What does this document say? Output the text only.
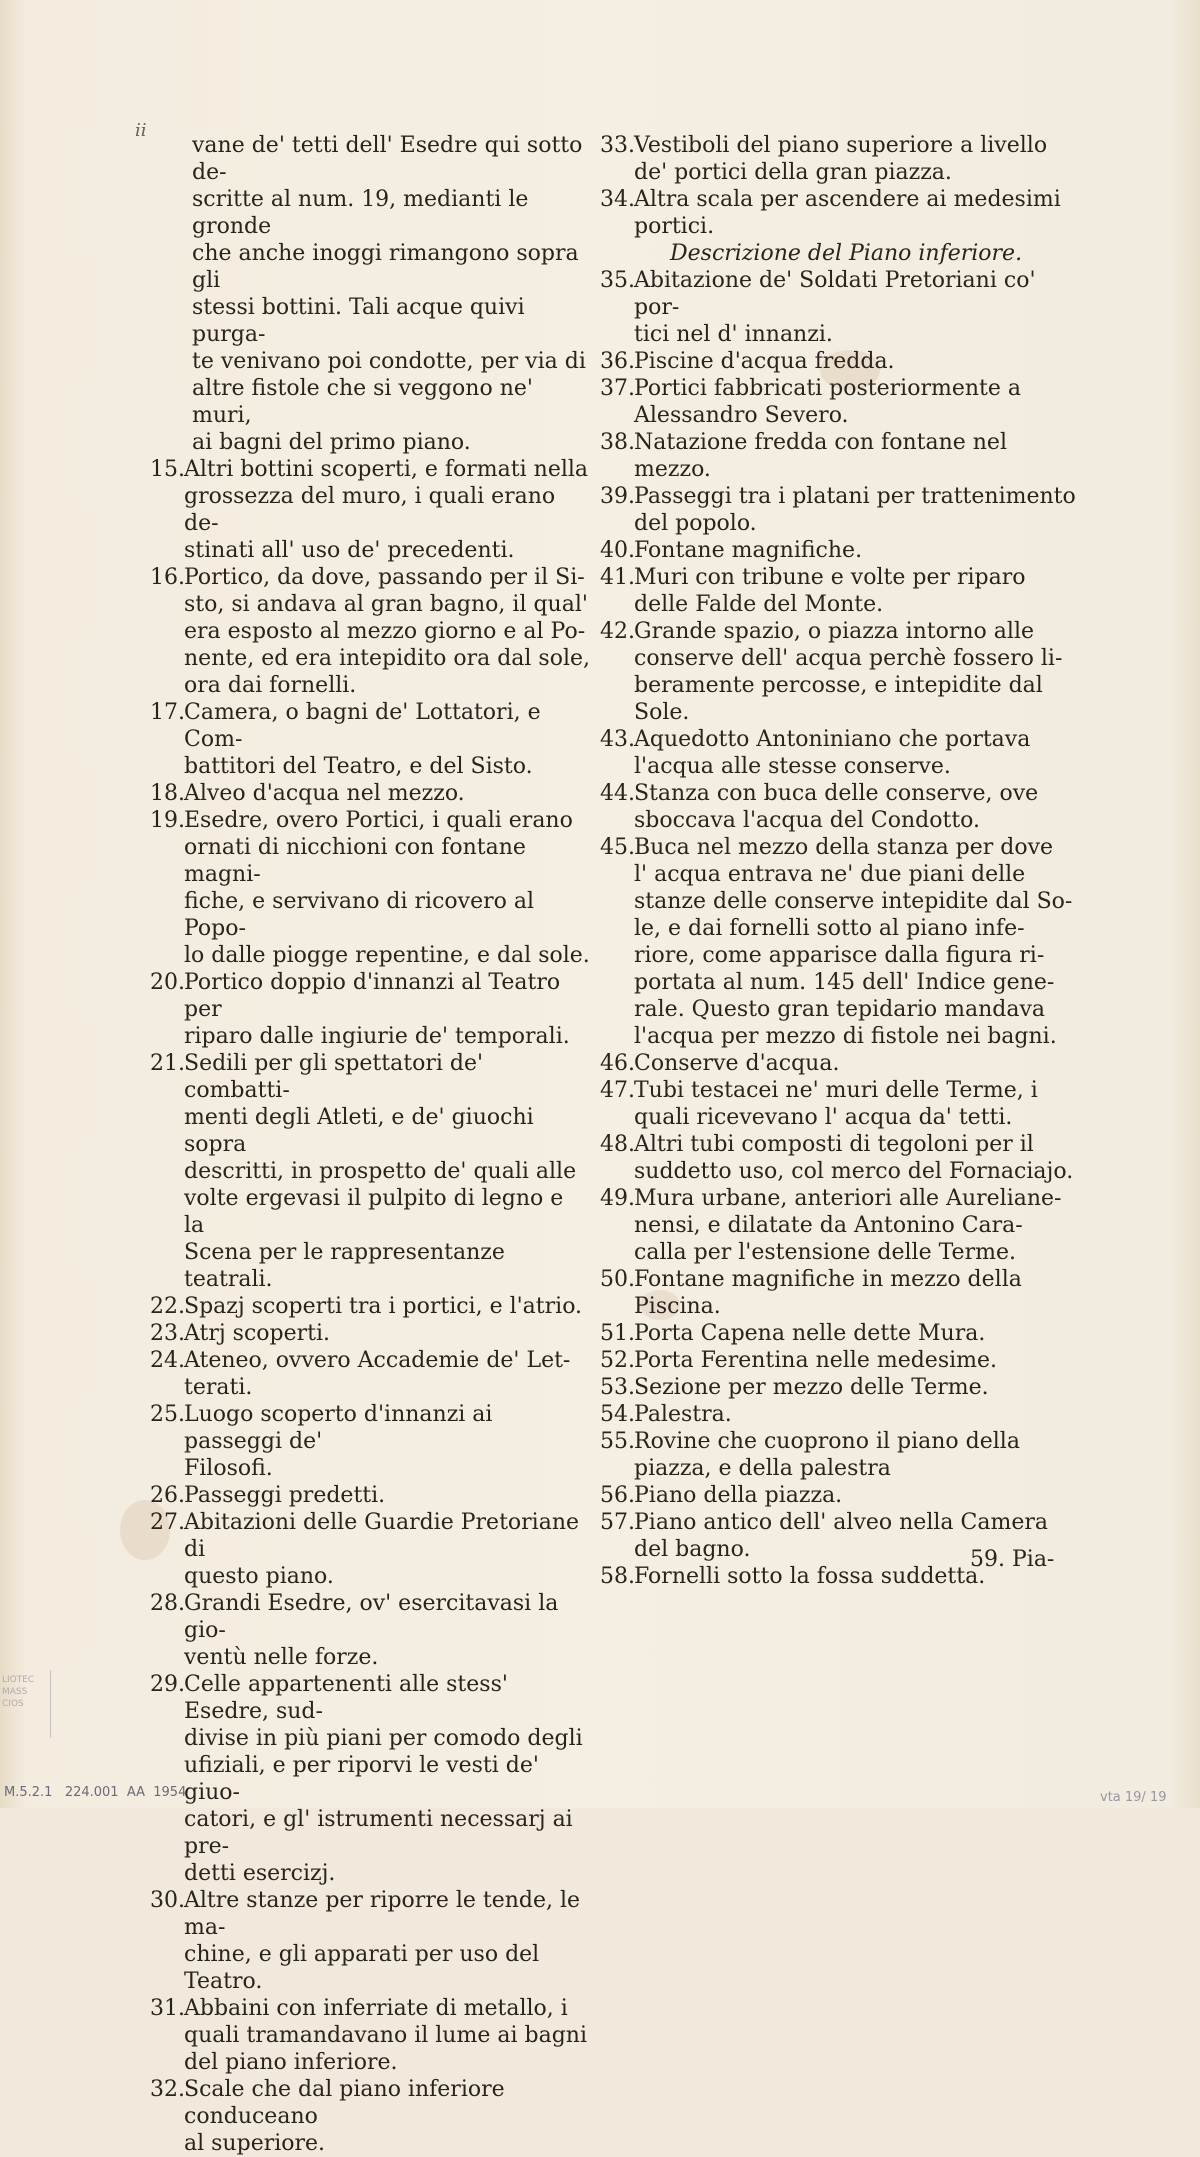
ii
vane de' tetti dell' Esedre qui sotto de-
scritte al num. 19, medianti le gronde
che anche inoggi rimangono sopra gli
stessi bottini. Tali acque quivi purga-
te venivano poi condotte, per via di
altre fistole che si veggono ne' muri,
ai bagni del primo piano.
15. Altri bottini scoperti, e formati nella
grossezza del muro, i quali erano de-
stinati all' uso de' precedenti.
16. Portico, da dove, passando per il Si-
sto, si andava al gran bagno, il qual'
era esposto al mezzo giorno e al Po-
nente, ed era intepidito ora dal sole,
ora dai fornelli.
17. Camera, o bagni de' Lottatori, e Com-
battitori del Teatro, e del Sisto.
18. Alveo d'acqua nel mezzo.
19. Esedre, overo Portici, i quali erano
ornati di nicchioni con fontane magni-
fiche, e servivano di ricovero al Popo-
lo dalle piogge repentine, e dal sole.
20. Portico doppio d'innanzi al Teatro per
riparo dalle ingiurie de' temporali.
21. Sedili per gli spettatori de' combatti-
menti degli Atleti, e de' giuochi sopra
descritti, in prospetto de' quali alle
volte ergevasi il pulpito di legno e la
Scena per le rappresentanze teatrali.
22. Spazj scoperti tra i portici, e l'atrio.
23. Atrj scoperti.
24. Ateneo, ovvero Accademie de' Let-
terati.
25. Luogo scoperto d'innanzi ai passeggi de'
Filosofi.
26. Passeggi predetti.
27. Abitazioni delle Guardie Pretoriane di
questo piano.
28. Grandi Esedre, ov' esercitavasi la gio-
ventù nelle forze.
29. Celle appartenenti alle stess' Esedre, sud-
divise in più piani per comodo degli
ufiziali, e per riporvi le vesti de' giuo-
catori, e gl' istrumenti necessarj ai pre-
detti esercizj.
30. Altre stanze per riporre le tende, le ma-
chine, e gli apparati per uso del Teatro.
31. Abbaini con inferriate di metallo, i
quali tramandavano il lume ai bagni
del piano inferiore.
32. Scale che dal piano inferiore conduceano
al superiore.
33. Vestiboli del piano superiore a livello
de' portici della gran piazza.
34. Altra scala per ascendere ai medesimi
portici.
Descrizione del Piano inferiore.
35. Abitazione de' Soldati Pretoriani co' por-
tici nel d' innanzi.
36. Piscine d'acqua fredda.
37. Portici fabbricati posteriormente a
Alessandro Severo.
38. Natazione fredda con fontane nel mezzo.
39. Passeggi tra i platani per trattenimento
del popolo.
40. Fontane magnifiche.
41. Muri con tribune e volte per riparo
delle Falde del Monte.
42. Grande spazio, o piazza intorno alle
conserve dell' acqua perchè fossero li-
beramente percosse, e intepidite dal
Sole.
43. Aquedotto Antoniniano che portava
l'acqua alle stesse conserve.
44. Stanza con buca delle conserve, ove
sboccava l'acqua del Condotto.
45. Buca nel mezzo della stanza per dove
l' acqua entrava ne' due piani delle
stanze delle conserve intepidite dal So-
le, e dai fornelli sotto al piano infe-
riore, come apparisce dalla figura ri-
portata al num. 145 dell' Indice gene-
rale. Questo gran tepidario mandava
l'acqua per mezzo di fistole nei bagni.
46. Conserve d'acqua.
47. Tubi testacei ne' muri delle Terme, i
quali ricevevano l' acqua da' tetti.
48. Altri tubi composti di tegoloni per il
suddetto uso, col merco del Fornaciajo.
49. Mura urbane, anteriori alle Aureliane-
nensi, e dilatate da Antonino Cara-
calla per l'estensione delle Terme.
50. Fontane magnifiche in mezzo della
Piscina.
51. Porta Capena nelle dette Mura.
52. Porta Ferentina nelle medesime.
53. Sezione per mezzo delle Terme.
54. Palestra.
55. Rovine che cuoprono il piano della
piazza, e della palestra
56. Piano della piazza.
57. Piano antico dell' alveo nella Camera
del bagno.
58. Fornelli sotto la fossa suddetta.
59. Pia-
LIOTEC
MASS
CIOS
M.5.2.1   224.001  AA  1954	vta 19/ 19
